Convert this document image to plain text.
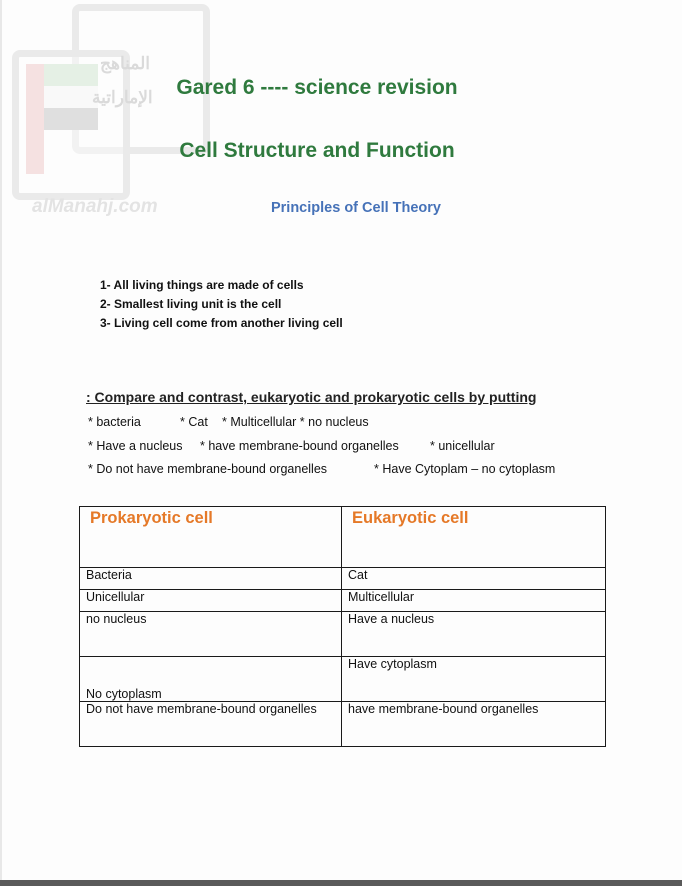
المناهج
الإماراتية
alManahj.com
Gared 6 ---- science revision
Cell Structure and Function
Principles of Cell Theory
1- All living things are made of cells
2- Smallest living unit is the cell
3- Living cell come from another living cell
: Compare and contrast, eukaryotic and prokaryotic cells by putting
* bacteria	* Cat * Multicellular * no nucleus
* Have a nucleus * have membrane-bound organelles	* unicellular
* Do not have membrane-bound organelles	* Have Cytoplam – no cytoplasm
Prokaryotic cell	Eukaryotic cell
Bacteria	Cat
Unicellular	Multicellular
no nucleus	Have a nucleus
No cytoplasm	Have cytoplasm
Do not have membrane-bound organelles	have membrane-bound organelles
